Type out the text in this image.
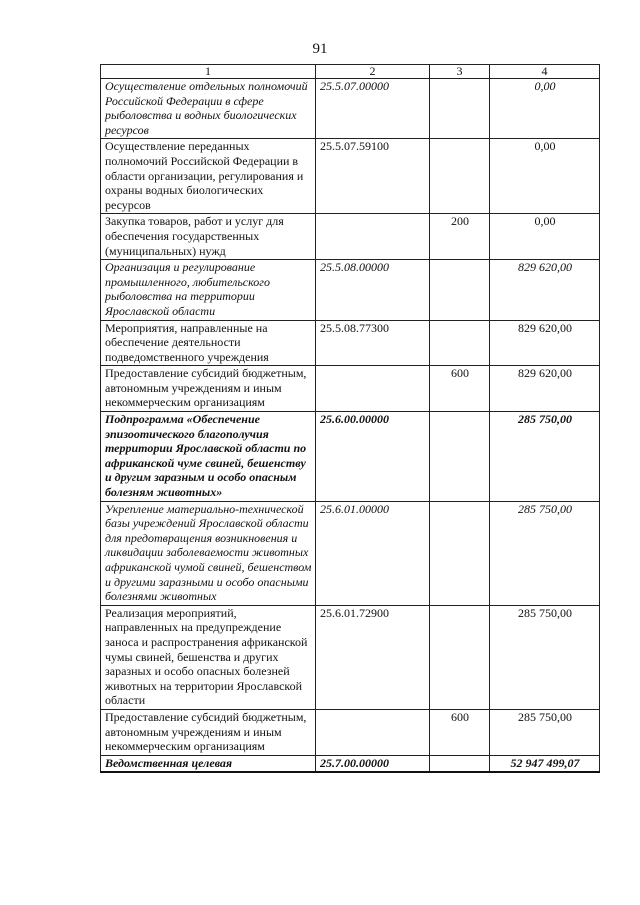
91
1	2	3	4
Осуществление отдельных полномочий Российской Федерации в сфере рыболовства и водных биологических ресурсов	25.5.07.00000		0,00
Осуществление переданных полномочий Российской Федерации в области организации, регулирования и охраны водных биологических ресурсов	25.5.07.59100		0,00
Закупка товаров, работ и услуг для обеспечения государственных (муниципальных) нужд		200	0,00
Организация и регулирование промышленного, любительского рыболовства на территории Ярославской области	25.5.08.00000		829 620,00
Мероприятия, направленные на обеспечение деятельности подведомственного учреждения	25.5.08.77300		829 620,00
Предоставление субсидий бюджетным, автономным учреждениям и иным некоммерческим организациям		600	829 620,00
Подпрограмма «Обеспечение эпизоотического благополучия территории Ярославской области по африканской чуме свиней, бешенству и другим заразным и особо опасным болезням животных»	25.6.00.00000		285 750,00
Укрепление материально-технической базы учреждений Ярославской области для предотвращения возникновения и ликвидации заболеваемости животных африканской чумой свиней, бешенством и другими заразными и особо опасными болезнями животных	25.6.01.00000		285 750,00
Реализация мероприятий, направленных на предупреждение заноса и распространения африканской чумы свиней, бешенства и других заразных и особо опасных болезней животных на территории Ярославской области	25.6.01.72900		285 750,00
Предоставление субсидий бюджетным, автономным учреждениям и иным некоммерческим организациям		600	285 750,00
Ведомственная целевая	25.7.00.00000		52 947 499,07
